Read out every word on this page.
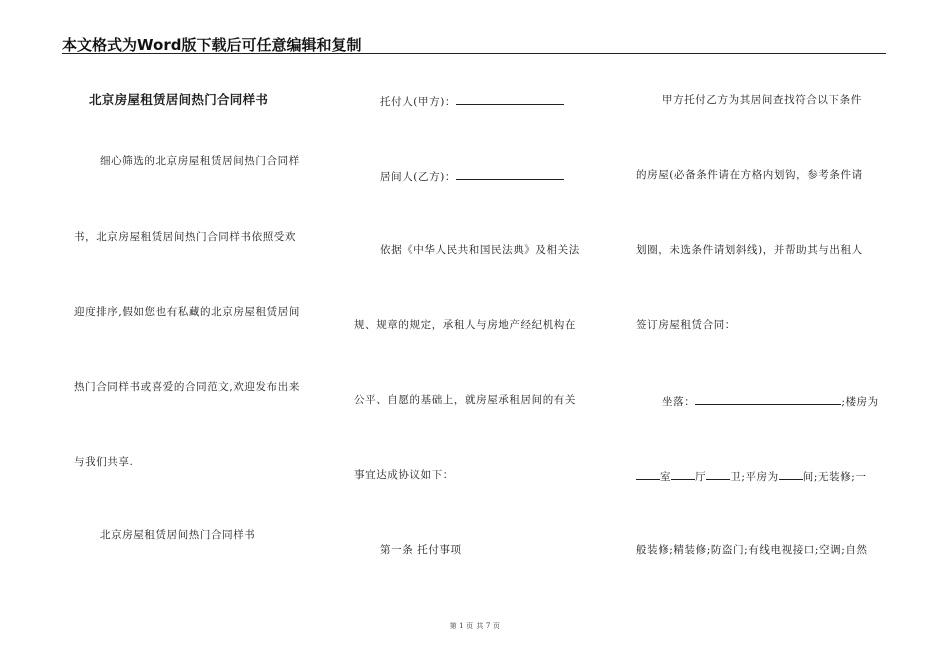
本文格式为Word版下载后可任意编辑和复制
北京房屋租赁居间热门合同样书
细心筛选的北京房屋租赁居间热门合同样
书，北京房屋租赁居间热门合同样书依照受欢
迎度排序,假如您也有私藏的北京房屋租赁居间
热门合同样书或喜爱的合同范文,欢迎发布出来
与我们共享.
北京房屋租赁居间热门合同样书
托付人(甲方)：
居间人(乙方)：
依据《中华人民共和国民法典》及相关法
规、规章的规定，承租人与房地产经纪机构在
公平、自愿的基础上，就房屋承租居间的有关
事宜达成协议如下：
第一条 托付事项
甲方托付乙方为其居间查找符合以下条件
的房屋(必备条件请在方格内划钩，参考条件请
划圈，未选条件请划斜线)，并帮助其与出租人
签订房屋租赁合同：
坐落：	;楼房为
室 厅 卫;平房为 间;无装修;一
般装修;精装修;防盗门;有线电视接口;空调;自然
第 1 页 共 7 页
